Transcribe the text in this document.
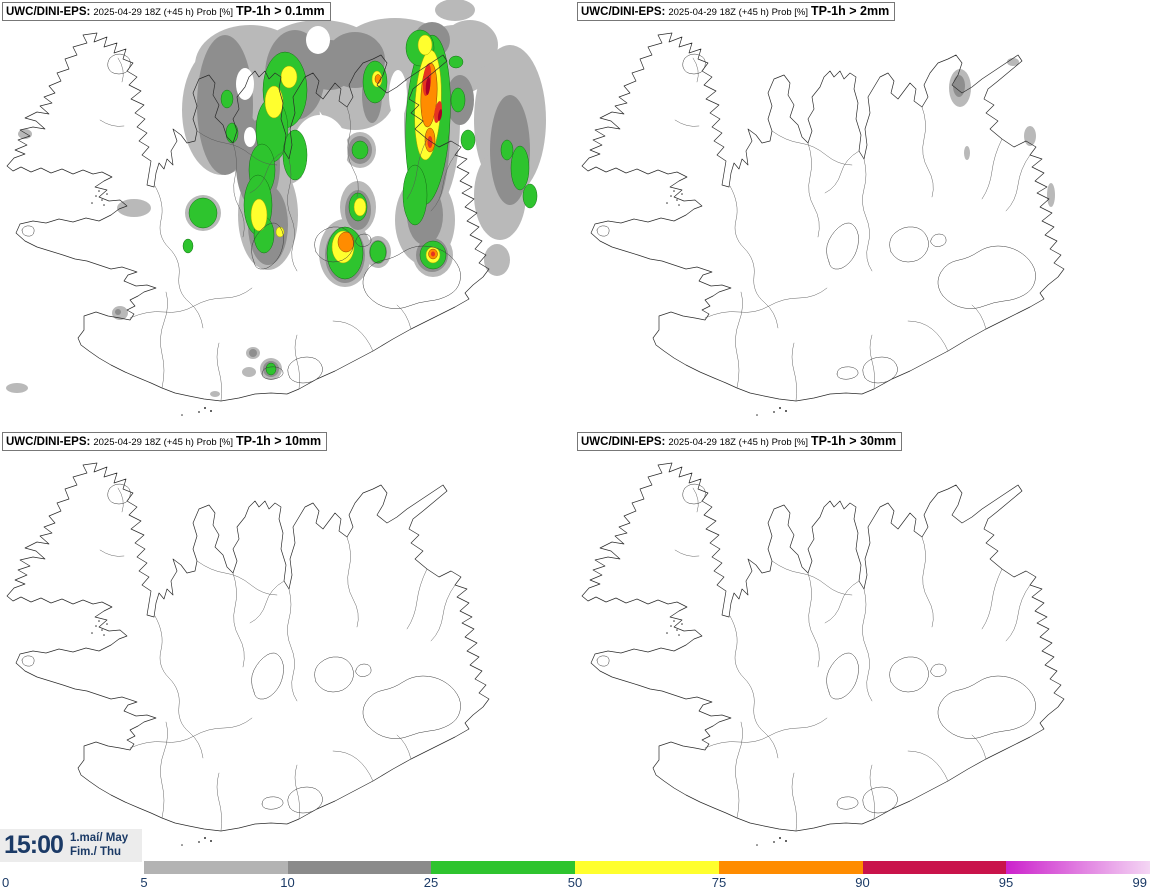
UWC/DINI-EPS: 2025-04-29 18Z (+45 h) Prob [%] TP-1h > 0.1mm	UWC/DINI-EPS: 2025-04-29 18Z (+45 h) Prob [%] TP-1h > 2mm
UWC/DINI-EPS: 2025-04-29 18Z (+45 h) Prob [%] TP-1h > 10mm	UWC/DINI-EPS: 2025-04-29 18Z (+45 h) Prob [%] TP-1h > 30mm
15:00 1.maí/ May
Fim./ Thu
0	5	10	25	50	75	90	95	99
